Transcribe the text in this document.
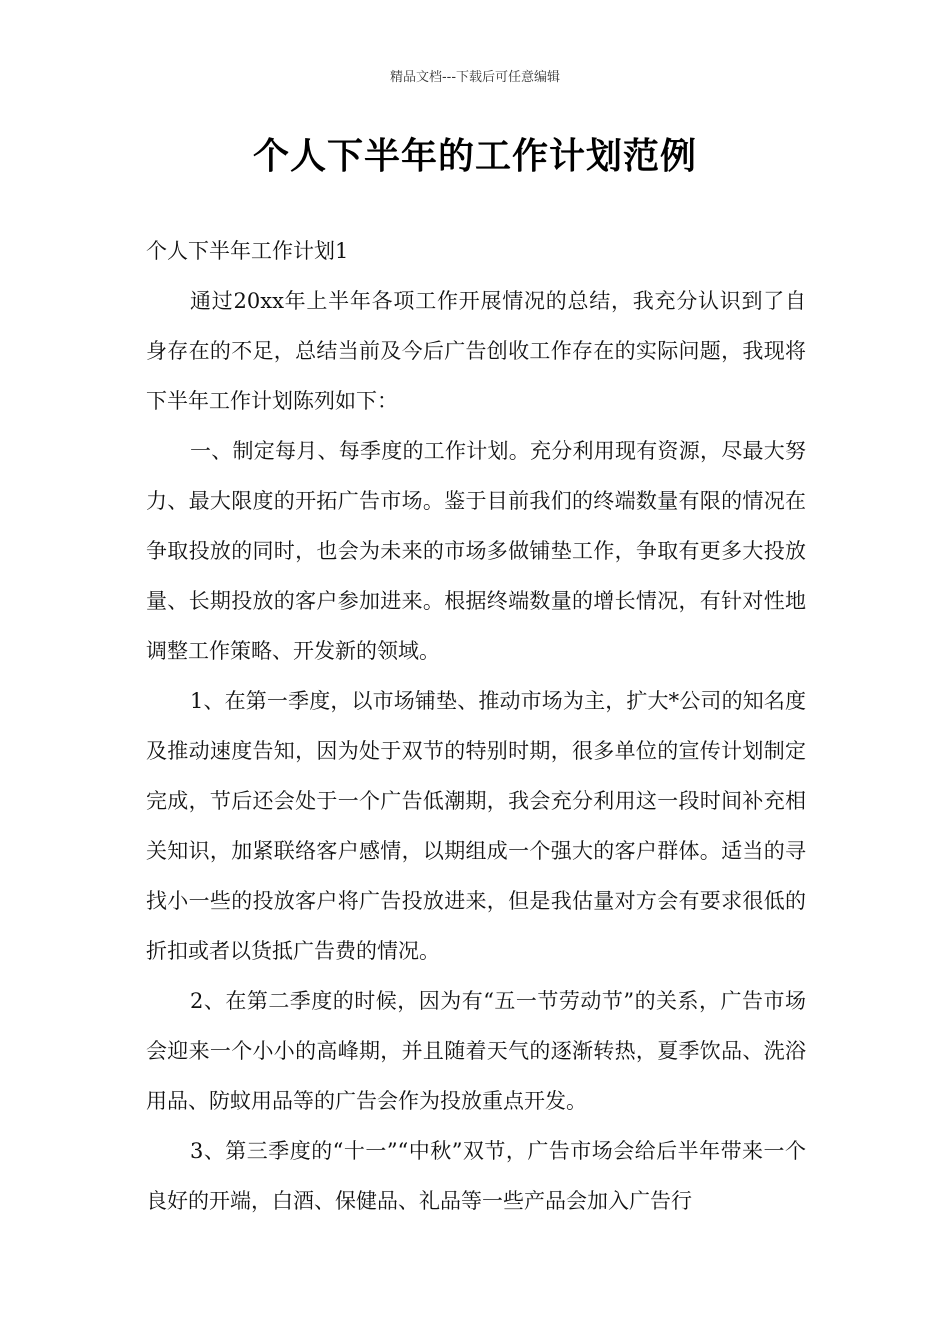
精品文档---下载后可任意编辑
个人下半年的工作计划范例

个人下半年工作计划1

通过20xx年上半年各项工作开展情况的总结，我充分认识到了自身存在的不足，总结当前及今后广告创收工作存在的实际问题，我现将下半年工作计划陈列如下：

一、制定每月、每季度的工作计划。充分利用现有资源，尽最大努力、最大限度的开拓广告市场。鉴于目前我们的终端数量有限的情况在争取投放的同时，也会为未来的市场多做铺垫工作，争取有更多大投放量、长期投放的客户参加进来。根据终端数量的增长情况，有针对性地调整工作策略、开发新的领域。

1、在第一季度，以市场铺垫、推动市场为主，扩大*公司的知名度及推动速度告知，因为处于双节的特别时期，很多单位的宣传计划制定完成，节后还会处于一个广告低潮期，我会充分利用这一段时间补充相关知识，加紧联络客户感情，以期组成一个强大的客户群体。适当的寻找小一些的投放客户将广告投放进来，但是我估量对方会有要求很低的折扣或者以货抵广告费的情况。

2、在第二季度的时候，因为有“五一节劳动节”的关系，广告市场会迎来一个小小的高峰期，并且随着天气的逐渐转热，夏季饮品、洗浴用品、防蚊用品等的广告会作为投放重点开发。

3、第三季度的“十一”“中秋”双节，广告市场会给后半年带来一个良好的开端，白酒、保健品、礼品等一些产品会加入广告行
